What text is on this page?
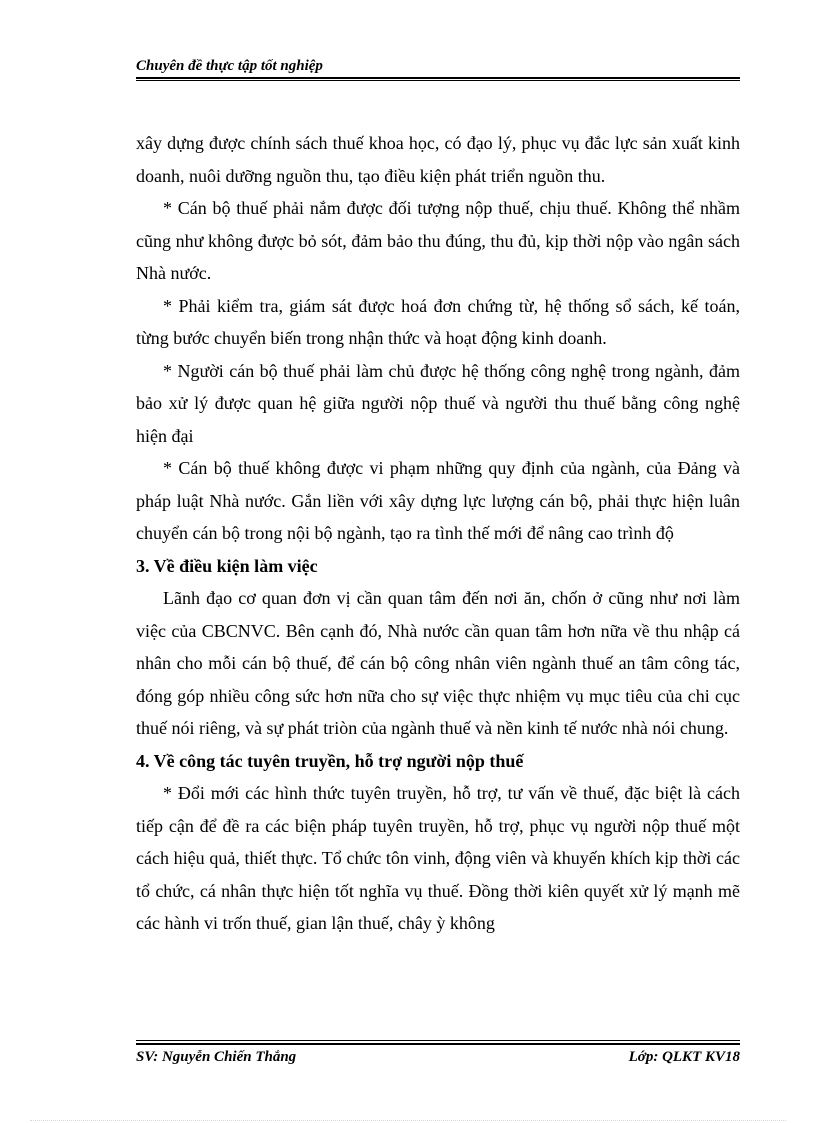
Chuyên đề thực tập tốt nghiệp

xây dựng được chính sách thuế khoa học, có đạo lý, phục vụ đắc lực sản xuất kinh doanh, nuôi dưỡng nguồn thu, tạo điều kiện phát triển nguồn thu.

* Cán bộ thuế phải nắm được đối tượng nộp thuế, chịu thuế. Không thể nhầm cũng như không được bỏ sót, đảm bảo thu đúng, thu đủ, kịp thời nộp vào ngân sách Nhà nước.

* Phải kiểm tra, giám sát được hoá đơn chứng từ, hệ thống sổ sách, kế toán, từng bước chuyển biến trong nhận thức và hoạt động kinh doanh.

* Người cán bộ thuế phải làm chủ được hệ thống công nghệ trong ngành, đảm bảo xử lý được quan hệ giữa người nộp thuế và người thu thuế bằng công nghệ hiện đại

* Cán bộ thuế không được vi phạm những quy định của ngành, của Đảng và pháp luật Nhà nước. Gắn liền với xây dựng lực lượng cán bộ, phải thực hiện luân chuyển cán bộ trong nội bộ ngành, tạo ra tình thế mới để nâng cao trình độ

3. Về điều kiện làm việc

Lãnh đạo cơ quan đơn vị cần quan tâm đến nơi ăn, chốn ở cũng như nơi làm việc của CBCNVC. Bên cạnh đó, Nhà nước cần quan tâm hơn nữa về thu nhập cá nhân cho mỗi cán bộ thuế, để cán bộ công nhân viên ngành thuế an tâm công tác, đóng góp nhiều công sức hơn nữa cho sự việc thực nhiệm vụ mục tiêu của chi cục thuế nói riêng, và sự phát triòn của ngành thuế và nền kinh tế nước nhà nói chung.

4. Về công tác tuyên truyền, hỗ trợ người nộp thuế

* Đổi mới các hình thức tuyên truyền, hỗ trợ, tư vấn về thuế, đặc biệt là cách tiếp cận để đề ra các biện pháp tuyên truyền, hỗ trợ, phục vụ người nộp thuế một cách hiệu quả, thiết thực. Tổ chức tôn vinh, động viên và khuyến khích kịp thời các tổ chức, cá nhân thực hiện tốt nghĩa vụ thuế. Đồng thời kiên quyết xử lý mạnh mẽ các hành vi trốn thuế, gian lận thuế, chây ỳ không

SV: Nguyễn Chiến Thắng	Lớp: QLKT KV18
